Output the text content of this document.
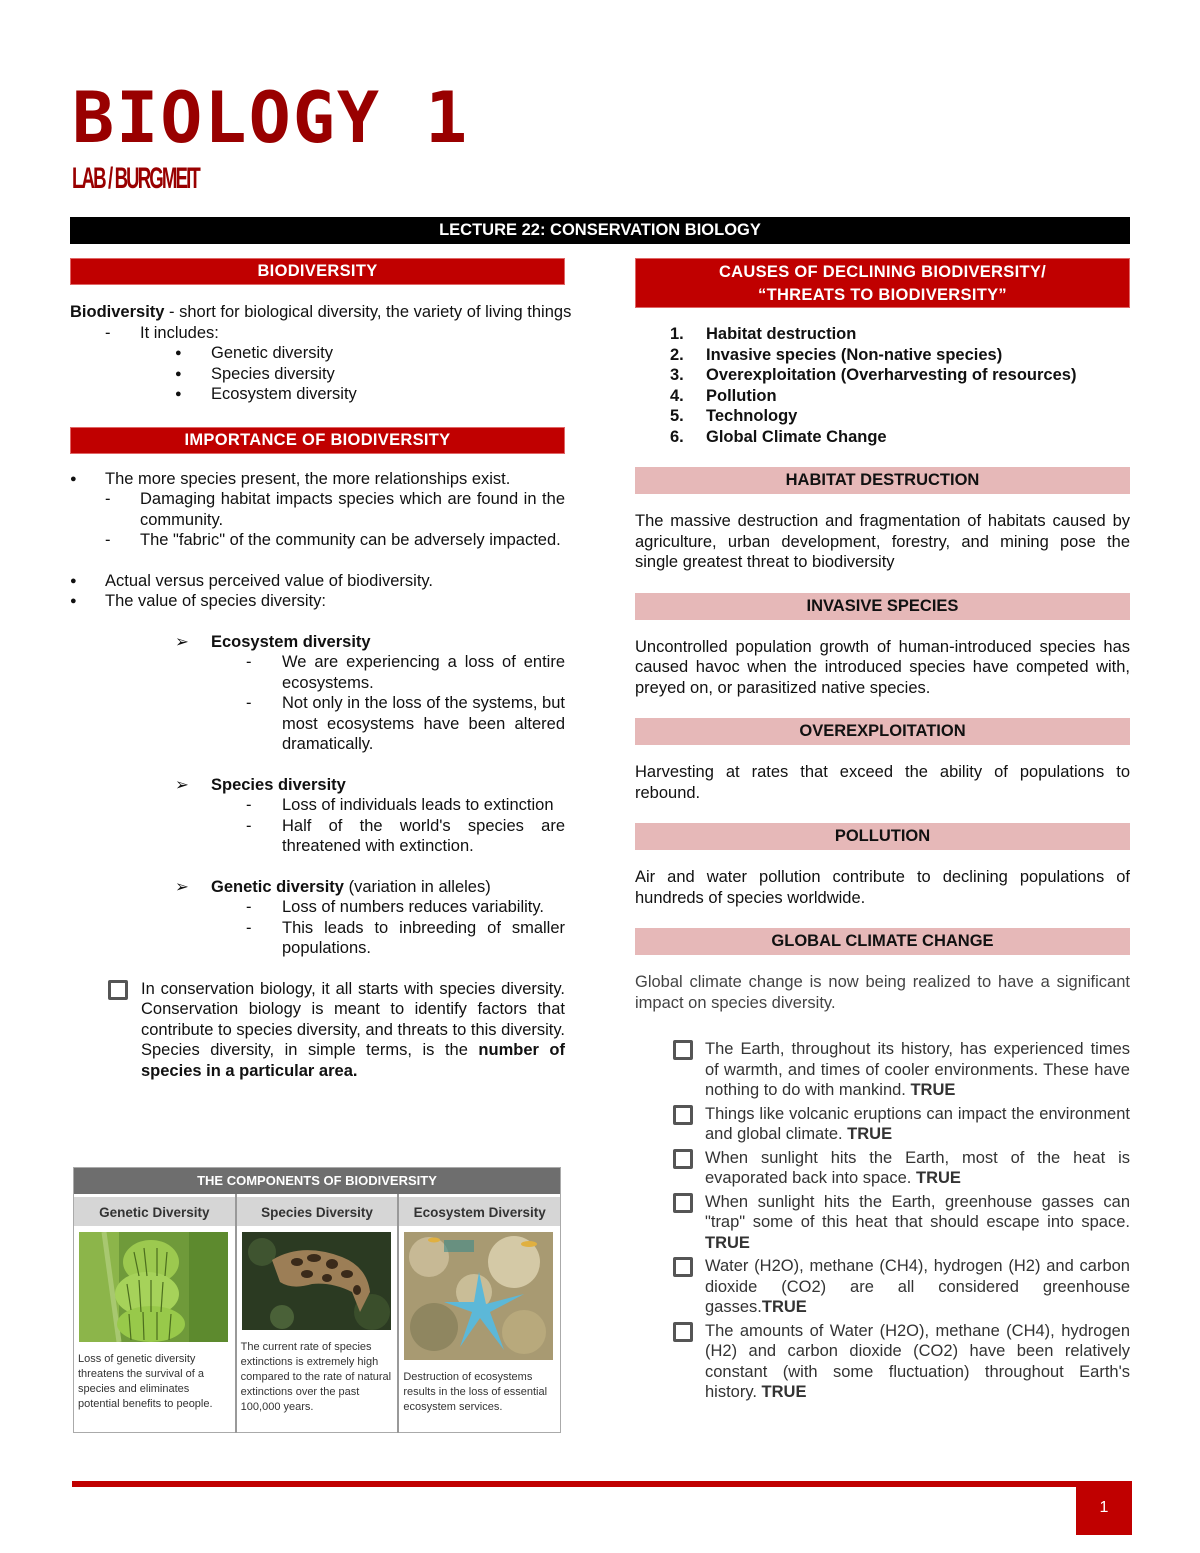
BIOLOGY 1
LAB / BURGMEIT
LECTURE 22: CONSERVATION BIOLOGY
BIODIVERSITY
Biodiversity - short for biological diversity, the variety of living things
-	It includes:
●	Genetic diversity
●	Species diversity
●	Ecosystem diversity
IMPORTANCE OF BIODIVERSITY
●	The more species present, the more relationships exist.
-	Damaging habitat impacts species which are found in the community.
-	The "fabric" of the community can be adversely impacted.
●	Actual versus perceived value of biodiversity.
●	The value of species diversity:
➢	Ecosystem diversity
-	We are experiencing a loss of entire ecosystems.
-	Not only in the loss of the systems, but most ecosystems have been altered dramatically.
➢	Species diversity
-	Loss of individuals leads to extinction
-	Half of the world's species are threatened with extinction.
➢	Genetic diversity (variation in alleles)
-	Loss of numbers reduces variability.
-	This leads to inbreeding of smaller populations.
In conservation biology, it all starts with species diversity. Conservation biology is meant to identify factors that contribute to species diversity, and threats to this diversity.
Species diversity, in simple terms, is the number of species in a particular area.
THE COMPONENTS OF BIODIVERSITY
Genetic Diversity
Loss of genetic diversity threatens the survival of a species and eliminates potential benefits to people.
Species Diversity
The current rate of species extinctions is extremely high compared to the rate of natural extinctions over the past 100,000 years.
Ecosystem Diversity
Destruction of ecosystems results in the loss of essential ecosystem services.
CAUSES OF DECLINING BIODIVERSITY/
“THREATS TO BIODIVERSITY”
1.	Habitat destruction
2.	Invasive species (Non-native species)
3.	Overexploitation (Overharvesting of resources)
4.	Pollution
5.	Technology
6.	Global Climate Change
HABITAT DESTRUCTION
The massive destruction and fragmentation of habitats caused by agriculture, urban development, forestry, and mining pose the single greatest threat to biodiversity
INVASIVE SPECIES
Uncontrolled population growth of human-introduced species has caused havoc when the introduced species have competed with, preyed on, or parasitized native species.
OVEREXPLOITATION
Harvesting at rates that exceed the ability of populations to rebound.
POLLUTION
Air and water pollution contribute to declining populations of hundreds of species worldwide.
GLOBAL CLIMATE CHANGE
Global climate change is now being realized to have a significant impact on species diversity.
The Earth, throughout its history, has experienced times of warmth, and times of cooler environments. These have nothing to do with mankind. TRUE
Things like volcanic eruptions can impact the environment and global climate. TRUE
When sunlight hits the Earth, most of the heat is evaporated back into space. TRUE
When sunlight hits the Earth, greenhouse gasses can "trap" some of this heat that should escape into space. TRUE
Water (H2O), methane (CH4), hydrogen (H2) and carbon dioxide (CO2) are all considered greenhouse gasses.TRUE
The amounts of Water (H2O), methane (CH4), hydrogen (H2) and carbon dioxide (CO2) have been relatively constant (with some fluctuation) throughout Earth's history. TRUE
1
